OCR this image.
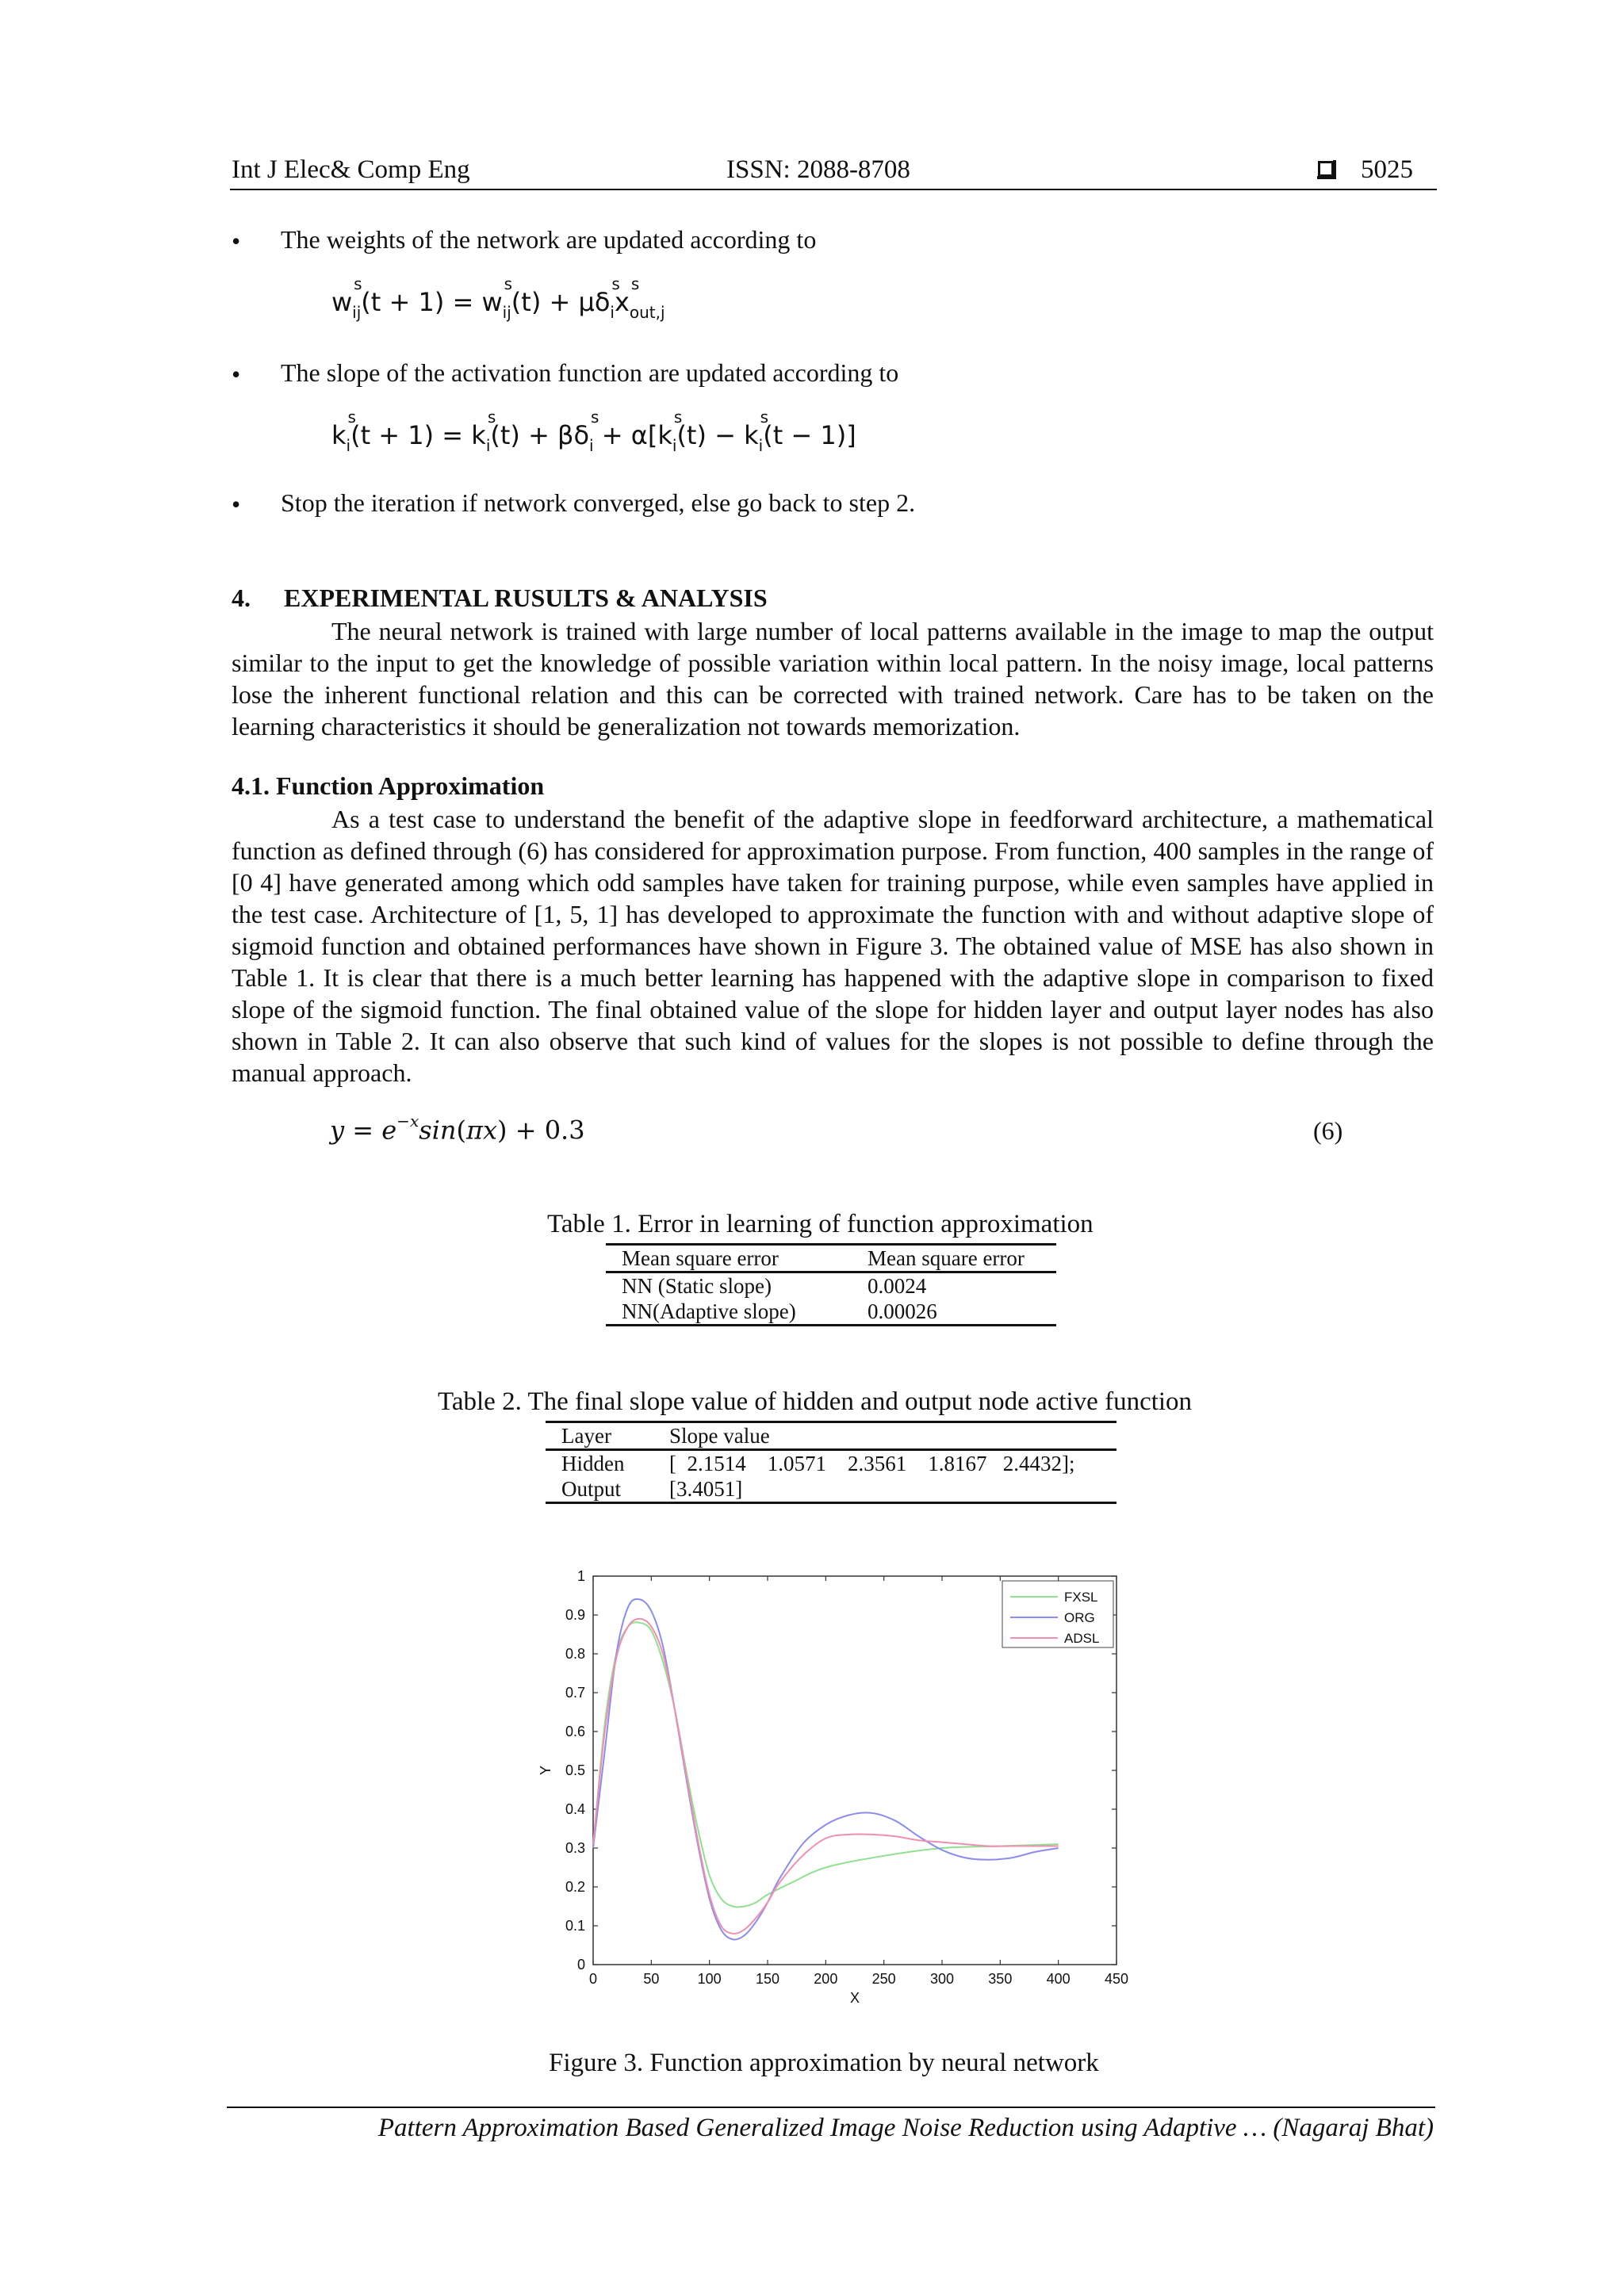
Int J Elec& Comp Eng	ISSN: 2088-8708	5025
• The weights of the network are updated according to
w
s
$_{ij}$(t + 1) = w
s
$_{ij}$(t) + μδ
s
$_i$x
s
$_{out,j}$
• The slope of the activation function are updated according to
k
s
$_i$(t + 1) = k
s
$_i$(t) + βδ
s
$_i$ + α[k
s
$_i$(t) − k
s
$_i$(t − 1)]
• Stop the iteration if network converged, else go back to step 2.
4. EXPERIMENTAL RUSULTS & ANALYSIS
The neural network is trained with large number of local patterns available in the image to map the output similar to the input to get the knowledge of possible variation within local pattern. In the noisy image, local patterns lose the inherent functional relation and this can be corrected with trained network. Care has to be taken on the learning characteristics it should be generalization not towards memorization.
4.1. Function Approximation
As a test case to understand the benefit of the adaptive slope in feedforward architecture, a mathematical function as defined through (6) has considered for approximation purpose. From function, 400 samples in the range of [0 4] have generated among which odd samples have taken for training purpose, while even samples have applied in the test case. Architecture of [1, 5, 1] has developed to approximate the function with and without adaptive slope of sigmoid function and obtained performances have shown in Figure 3. The obtained value of MSE has also shown in Table 1. It is clear that there is a much better learning has happened with the adaptive slope in comparison to fixed slope of the sigmoid function. The final obtained value of the slope for hidden layer and output layer nodes has also shown in Table 2. It can also observe that such kind of values for the slopes is not possible to define through the manual approach.
$y = e^{-x}\sin(\pi x) + 0.3$	(6)
Table 1. Error in learning of function approximation
Mean square error	Mean square error
NN (Static slope)	0.0024
NN(Adaptive slope)	0.00026
Table 2. The final slope value of hidden and output node active function
Layer	Slope value
Hidden	[  2.1514    1.0571    2.3561    1.8167   2.4432];
Output	[3.4051]
0	50	100 150 200 250 300 350 400 450
0
0.1
0.2
0.3
0.4
0.5
0.6
0.7
0.8
0.9
1
X
Y
FXSL
ORG
ADSL
Figure 3. Function approximation by neural network
Pattern Approximation Based Generalized Image Noise Reduction using Adaptive … (Nagaraj Bhat)
